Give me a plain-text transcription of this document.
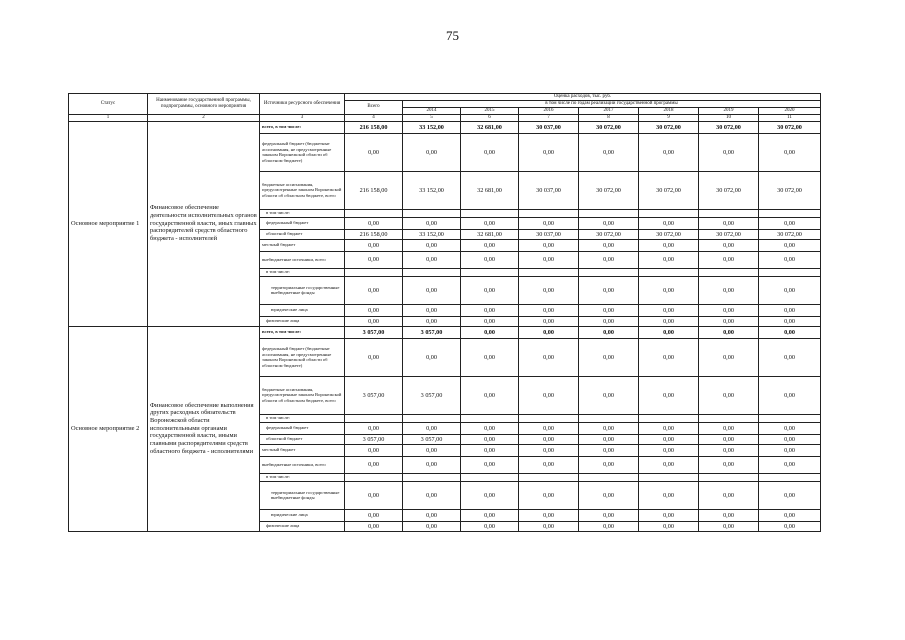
75
Статус	Наименование государственной программы, подпрограммы, основного мероприятия	Источники ресурсного обеспечения	Оценка расходов, тыс. руб.							
			Всего	в том числе по годам реализации государственной программы						
				2014	2015	2016	2017	2018	2019	2020
1	2	3	4	5	6	7	8	9	10	11
Основное мероприятие 1	Финансовое обеспечение деятельности исполнительных органов государственной власти, иных главных распорядителей средств областного бюджета - исполнителей	всего, в том числе:	216 158,00	33 152,00	32 681,00	30 037,00	30 072,00	30 072,00	30 072,00	30 072,00
		федеральный бюджет (бюджетные ассигнования, не предусмотренные законом Воронежской области об областном бюджете)	0,00	0,00	0,00	0,00	0,00	0,00	0,00	0,00
		бюджетные ассигнования, предусмотренные законом Воронежской области об областном бюджете, всего	216 158,00	33 152,00	32 681,00	30 037,00	30 072,00	30 072,00	30 072,00	30 072,00
		в том числе:								
		федеральный бюджет	0,00	0,00	0,00	0,00	0,00	0,00	0,00	0,00
		областной бюджет	216 158,00	33 152,00	32 681,00	30 037,00	30 072,00	30 072,00	30 072,00	30 072,00
		местный бюджет	0,00	0,00	0,00	0,00	0,00	0,00	0,00	0,00
		внебюджетные источники, всего	0,00	0,00	0,00	0,00	0,00	0,00	0,00	0,00
		в том числе:								
		территориальные государственные внебюджетные фонды	0,00	0,00	0,00	0,00	0,00	0,00	0,00	0,00
		юридические лица	0,00	0,00	0,00	0,00	0,00	0,00	0,00	0,00
		физические лица	0,00	0,00	0,00	0,00	0,00	0,00	0,00	0,00
Основное мероприятие 2	Финансовое обеспечение выполнения других расходных обязательств Воронежской области исполнительными органами государственной власти, иными главными распорядителями средств областного бюджета - исполнителями	всего, в том числе:	3 057,00	3 057,00	0,00	0,00	0,00	0,00	0,00	0,00
		федеральный бюджет (бюджетные ассигнования, не предусмотренные законом Воронежской области об областном бюджете)	0,00	0,00	0,00	0,00	0,00	0,00	0,00	0,00
		бюджетные ассигнования, предусмотренные законом Воронежской области об областном бюджете, всего	3 057,00	3 057,00	0,00	0,00	0,00	0,00	0,00	0,00
		в том числе:								
		федеральный бюджет	0,00	0,00	0,00	0,00	0,00	0,00	0,00	0,00
		областной бюджет	3 057,00	3 057,00	0,00	0,00	0,00	0,00	0,00	0,00
		местный бюджет	0,00	0,00	0,00	0,00	0,00	0,00	0,00	0,00
		внебюджетные источники, всего	0,00	0,00	0,00	0,00	0,00	0,00	0,00	0,00
		в том числе:								
		территориальные государственные внебюджетные фонды	0,00	0,00	0,00	0,00	0,00	0,00	0,00	0,00
		юридические лица	0,00	0,00	0,00	0,00	0,00	0,00	0,00	0,00
		физические лица	0,00	0,00	0,00	0,00	0,00	0,00	0,00	0,00
